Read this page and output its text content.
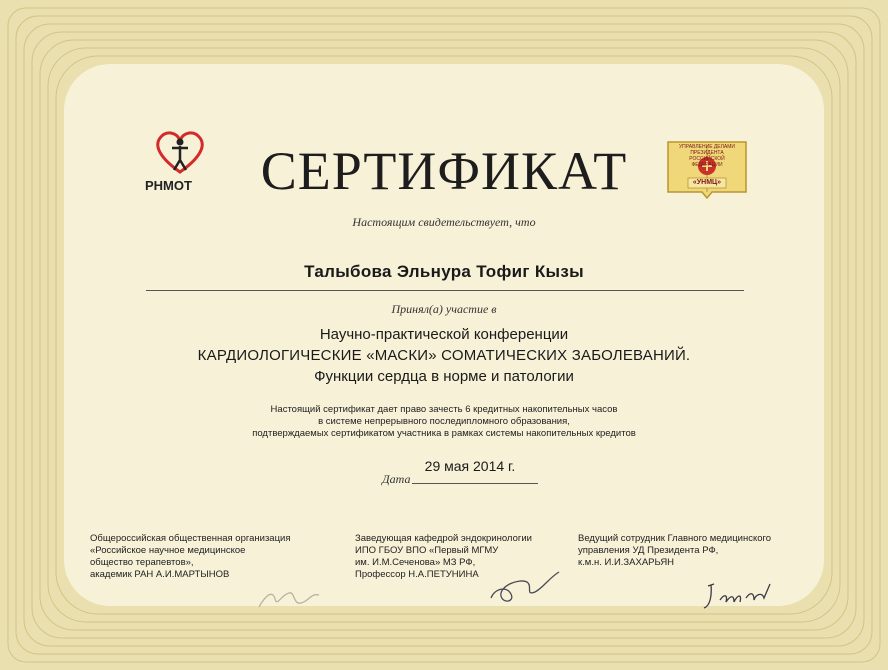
РНМОТ
УПРАВЛЕНИЕ ДЕЛАМИ ПРЕЗИДЕНТА РОССИЙСКОЙ ФЕДЕРАЦИИ
«УНМЦ»
СЕРТИФИКАТ
Настоящим свидетельствует, что
Талыбова Эльнура Тофиг Кызы
Принял(а) участие в
Научно-практической конференции
КАРДИОЛОГИЧЕСКИЕ «МАСКИ» СОМАТИЧЕСКИХ ЗАБОЛЕВАНИЙ.
Функции сердца в норме и патологии
Настоящий сертификат дает право зачесть 6 кредитных накопительных часов
в системе непрерывного последипломного образования,
подтверждаемых сертификатом участника в рамках системы накопительных кредитов
29 мая 2014 г.
Дата
Общероссийская общественная организация
«Российское научное медицинское
общество терапевтов»,
академик РАН А.И.МАРТЫНОВ
Заведующая кафедрой эндокринологии
ИПО ГБОУ ВПО «Первый МГМУ
им. И.М.Сеченова» МЗ РФ,
Профессор Н.А.ПЕТУНИНА
Ведущий сотрудник Главного медицинского
управления УД Президента РФ,
к.м.н. И.И.ЗАХАРЬЯН
